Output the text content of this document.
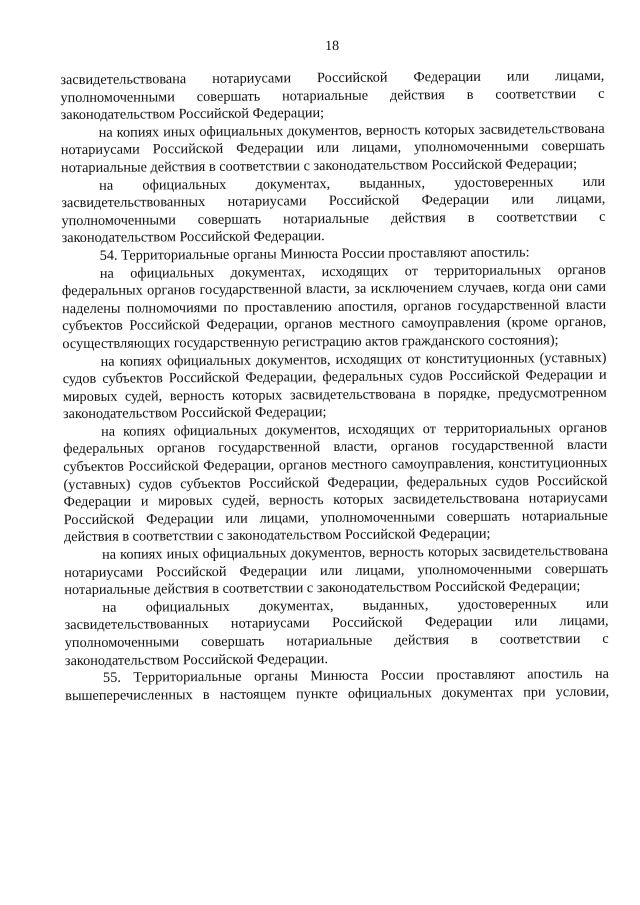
18

засвидетельствована нотариусами Российской Федерации или лицами, уполномоченными совершать нотариальные действия в соответствии с законодательством Российской Федерации;

на копиях иных официальных документов, верность которых засвидетельствована нотариусами Российской Федерации или лицами, уполномоченными совершать нотариальные действия в соответствии с законодательством Российской Федерации;

на официальных документах, выданных, удостоверенных или засвидетельствованных нотариусами Российской Федерации или лицами, уполномоченными совершать нотариальные действия в соответствии с законодательством Российской Федерации.

54. Территориальные органы Минюста России проставляют апостиль:

на официальных документах, исходящих от территориальных органов федеральных органов государственной власти, за исключением случаев, когда они сами наделены полномочиями по проставлению апостиля, органов государственной власти субъектов Российской Федерации, органов местного самоуправления (кроме органов, осуществляющих государственную регистрацию актов гражданского состояния);

на копиях официальных документов, исходящих от конституционных (уставных) судов субъектов Российской Федерации, федеральных судов Российской Федерации и мировых судей, верность которых засвидетельствована в порядке, предусмотренном законодательством Российской Федерации;

на копиях официальных документов, исходящих от территориальных органов федеральных органов государственной власти, органов государственной власти субъектов Российской Федерации, органов местного самоуправления, конституционных (уставных) судов субъектов Российской Федерации, федеральных судов Российской Федерации и мировых судей, верность которых засвидетельствована нотариусами Российской Федерации или лицами, уполномоченными совершать нотариальные действия в соответствии с законодательством Российской Федерации;

на копиях иных официальных документов, верность которых засвидетельствована нотариусами Российской Федерации или лицами, уполномоченными совершать нотариальные действия в соответствии с законодательством Российской Федерации;

на официальных документах, выданных, удостоверенных или засвидетельствованных нотариусами Российской Федерации или лицами, уполномоченными совершать нотариальные действия в соответствии с законодательством Российской Федерации.

55. Территориальные органы Минюста России проставляют апостиль на вышеперечисленных в настоящем пункте официальных документах при условии,
